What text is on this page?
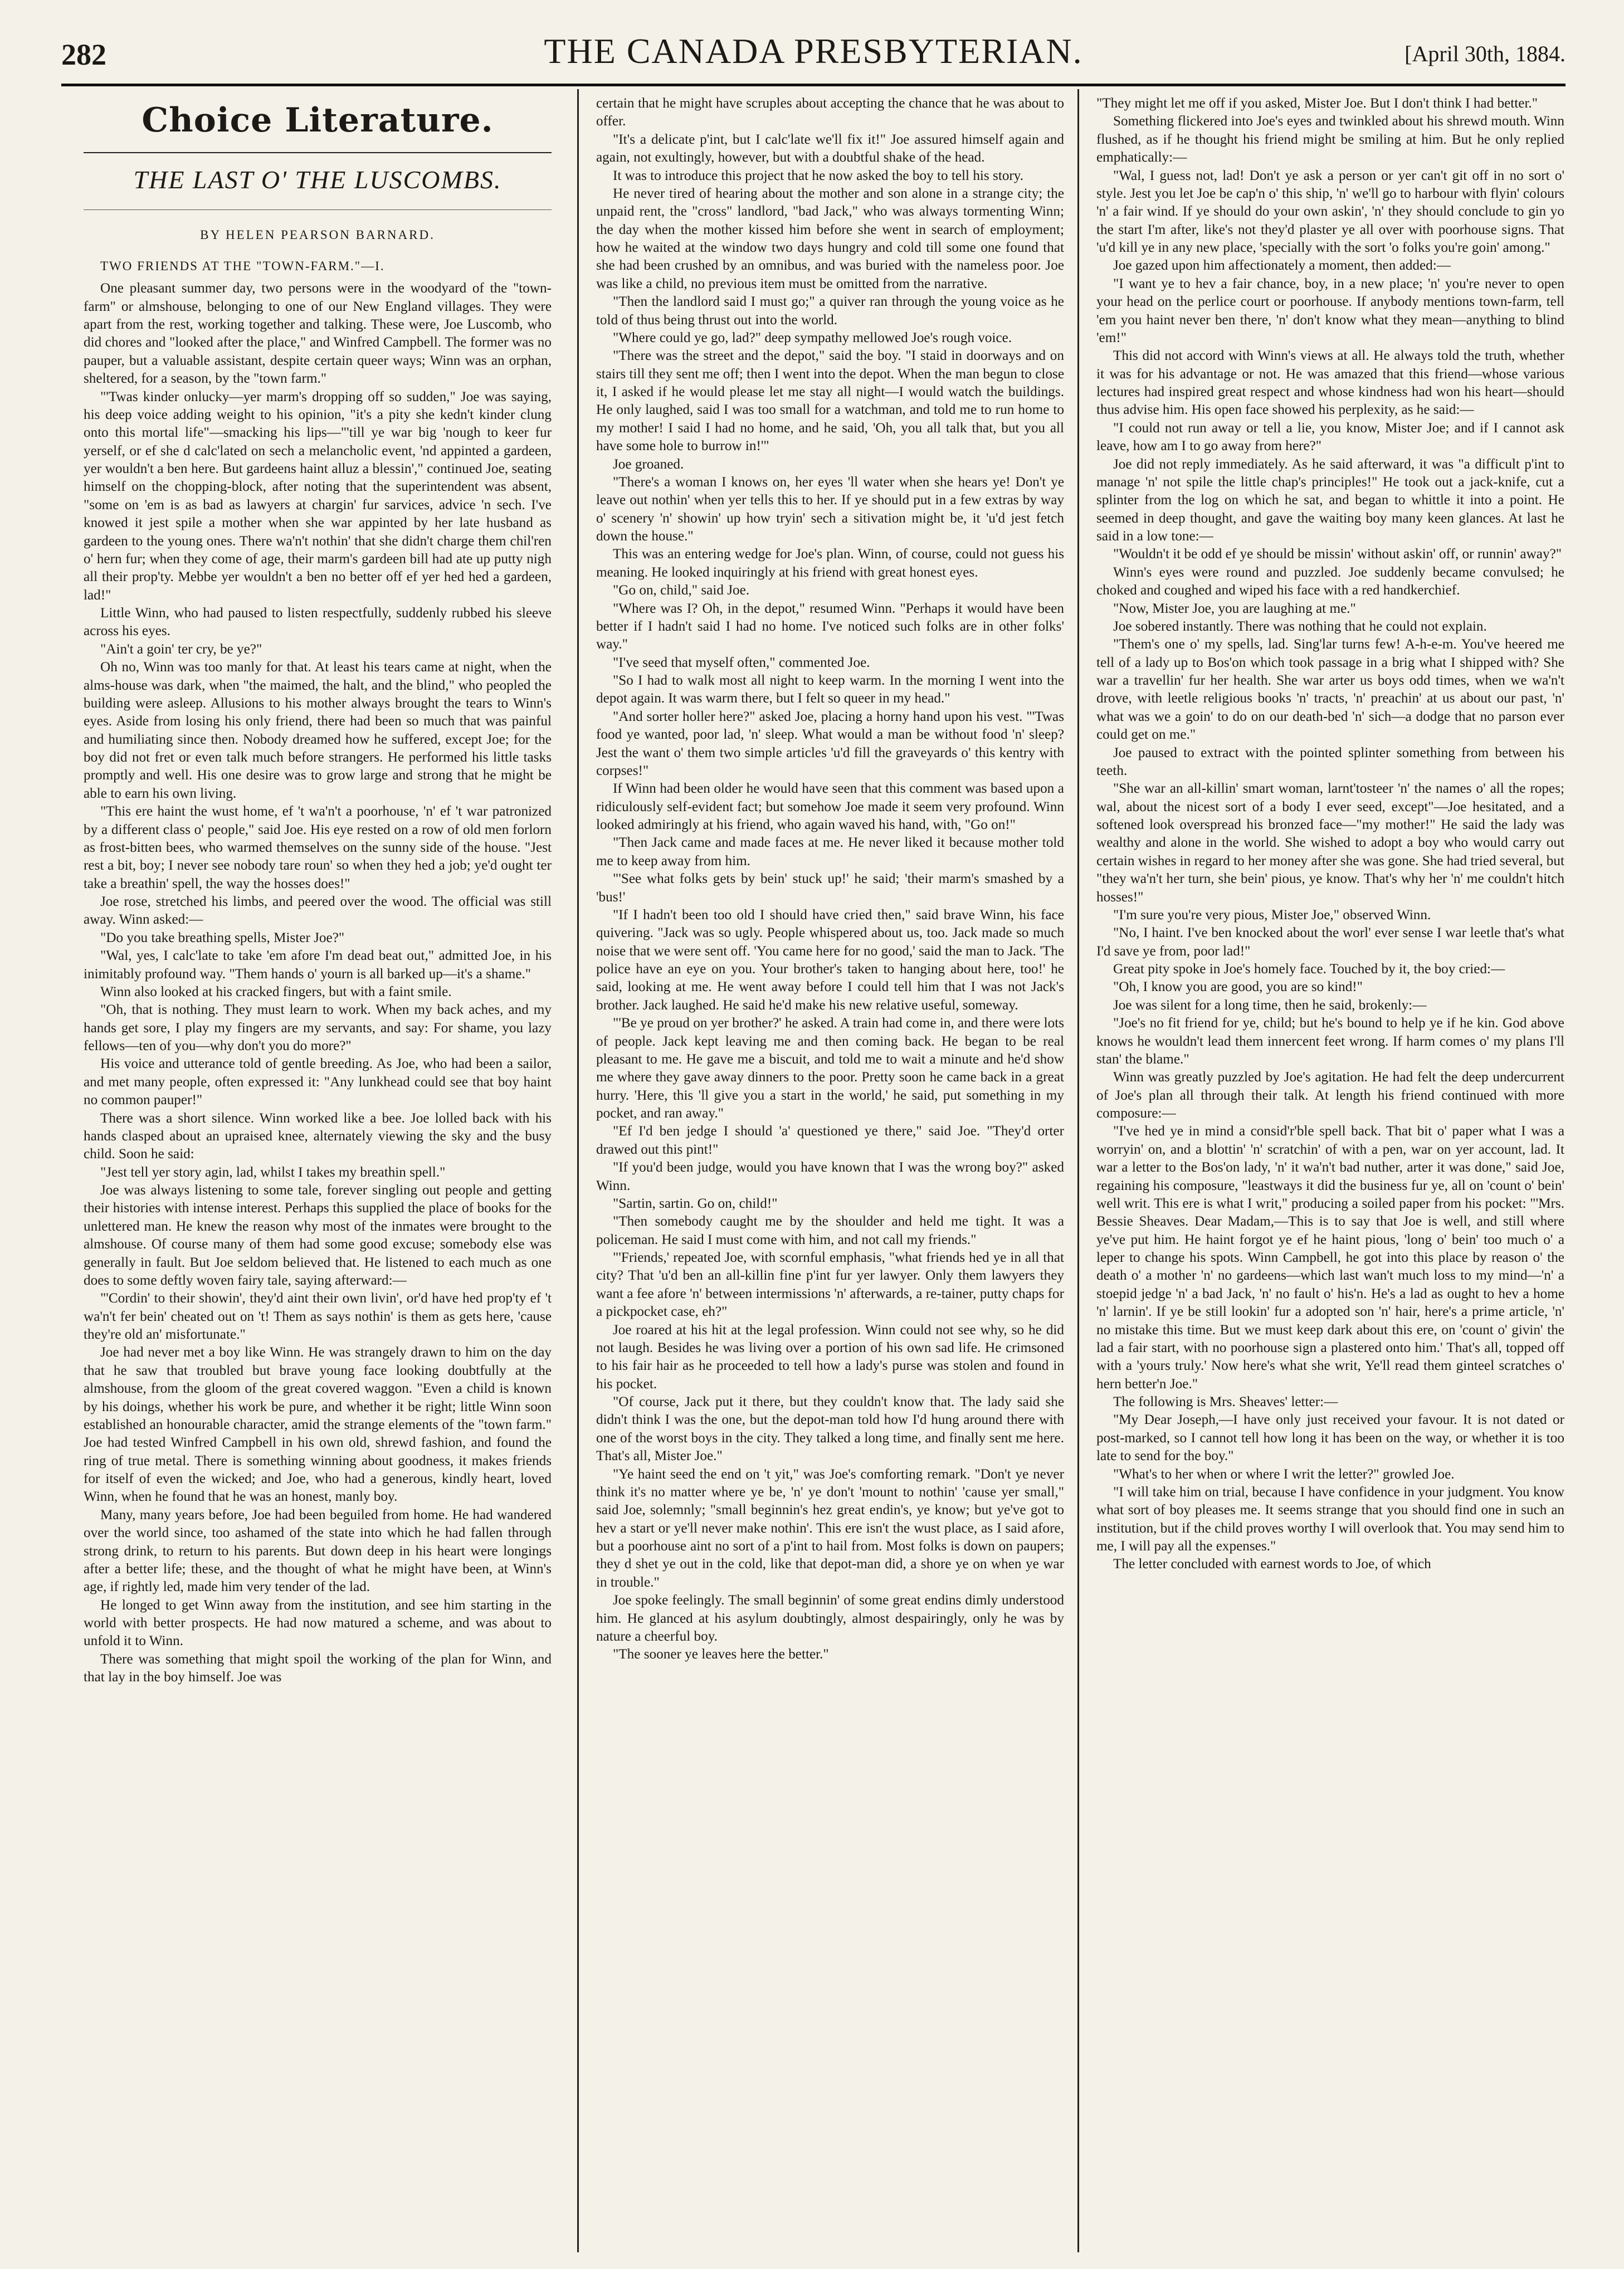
282	THE CANADA PRESBYTERIAN.	[April 30th, 1884.
Choice Literature.
THE LAST O' THE LUSCOMBS.
BY HELEN PEARSON BARNARD.
TWO FRIENDS AT THE "TOWN-FARM."—I.

One pleasant summer day, two persons were in the woodyard of the "town-farm" or almshouse, belonging to one of our New England villages. They were apart from the rest, working together and talking. These were, Joe Luscomb, who did chores and "looked after the place," and Winfred Campbell. The former was no pauper, but a valuable assistant, despite certain queer ways; Winn was an orphan, sheltered, for a season, by the "town farm."

"'Twas kinder onlucky—yer marm's dropping off so sudden," Joe was saying, his deep voice adding weight to his opinion, "it's a pity she kedn't kinder clung onto this mortal life"—smacking his lips—"'till ye war big 'nough to keer fur yerself, or ef she d calc'lated on sech a melancholic event, 'nd appinted a gardeen, yer wouldn't a ben here. But gardeens haint alluz a blessin'," continued Joe, seating himself on the chopping-block, after noting that the superintendent was absent, "some on 'em is as bad as lawyers at chargin' fur sarvices, advice 'n sech. I've knowed it jest spile a mother when she war appinted by her late husband as gardeen to the young ones. There wa'n't nothin' that she didn't charge them chil'ren o' hern fur; when they come of age, their marm's gardeen bill had ate up putty nigh all their prop'ty. Mebbe yer wouldn't a ben no better off ef yer hed hed a gardeen, lad!"

Little Winn, who had paused to listen respectfully, suddenly rubbed his sleeve across his eyes.

"Ain't a goin' ter cry, be ye?"

Oh no, Winn was too manly for that. At least his tears came at night, when the alms-house was dark, when "the maimed, the halt, and the blind," who peopled the building were asleep. Allusions to his mother always brought the tears to Winn's eyes. Aside from losing his only friend, there had been so much that was painful and humiliating since then. Nobody dreamed how he suffered, except Joe; for the boy did not fret or even talk much before strangers. He performed his little tasks promptly and well. His one desire was to grow large and strong that he might be able to earn his own living.

"This ere haint the wust home, ef 't wa'n't a poorhouse, 'n' ef 't war patronized by a different class o' people," said Joe. His eye rested on a row of old men forlorn as frost-bitten bees, who warmed themselves on the sunny side of the house. "Jest rest a bit, boy; I never see nobody tare roun' so when they hed a job; ye'd ought ter take a breathin' spell, the way the hosses does!"

Joe rose, stretched his limbs, and peered over the wood. The official was still away. Winn asked:—

"Do you take breathing spells, Mister Joe?"

"Wal, yes, I calc'late to take 'em afore I'm dead beat out," admitted Joe, in his inimitably profound way. "Them hands o' yourn is all barked up—it's a shame."

Winn also looked at his cracked fingers, but with a faint smile.

"Oh, that is nothing. They must learn to work. When my back aches, and my hands get sore, I play my fingers are my servants, and say: For shame, you lazy fellows—ten of you—why don't you do more?"

His voice and utterance told of gentle breeding. As Joe, who had been a sailor, and met many people, often expressed it: "Any lunkhead could see that boy haint no common pauper!"

There was a short silence. Winn worked like a bee. Joe lolled back with his hands clasped about an upraised knee, alternately viewing the sky and the busy child. Soon he said:

"Jest tell yer story agin, lad, whilst I takes my breathin spell."

Joe was always listening to some tale, forever singling out people and getting their histories with intense interest. Perhaps this supplied the place of books for the unlettered man. He knew the reason why most of the inmates were brought to the almshouse. Of course many of them had some good excuse; somebody else was generally in fault. But Joe seldom believed that. He listened to each much as one does to some deftly woven fairy tale, saying afterward:—

"'Cordin' to their showin', they'd aint their own livin', or'd have hed prop'ty ef 't wa'n't fer bein' cheated out on 't! Them as says nothin' is them as gets here, 'cause they're old an' misfortunate."

Joe had never met a boy like Winn. He was strangely drawn to him on the day that he saw that troubled but brave young face looking doubtfully at the almshouse, from the gloom of the great covered waggon. "Even a child is known by his doings, whether his work be pure, and whether it be right; little Winn soon established an honourable character, amid the strange elements of the "town farm." Joe had tested Winfred Campbell in his own old, shrewd fashion, and found the ring of true metal. There is something winning about goodness, it makes friends for itself of even the wicked; and Joe, who had a generous, kindly heart, loved Winn, when he found that he was an honest, manly boy.

Many, many years before, Joe had been beguiled from home. He had wandered over the world since, too ashamed of the state into which he had fallen through strong drink, to return to his parents. But down deep in his heart were longings after a better life; these, and the thought of what he might have been, at Winn's age, if rightly led, made him very tender of the lad.

He longed to get Winn away from the institution, and see him starting in the world with better prospects. He had now matured a scheme, and was about to unfold it to Winn.

There was something that might spoil the working of the plan for Winn, and that lay in the boy himself. Joe was

certain that he might have scruples about accepting the chance that he was about to offer.

"It's a delicate p'int, but I calc'late we'll fix it!" Joe assured himself again and again, not exultingly, however, but with a doubtful shake of the head.

It was to introduce this project that he now asked the boy to tell his story.

He never tired of hearing about the mother and son alone in a strange city; the unpaid rent, the "cross" landlord, "bad Jack," who was always tormenting Winn; the day when the mother kissed him before she went in search of employment; how he waited at the window two days hungry and cold till some one found that she had been crushed by an omnibus, and was buried with the nameless poor. Joe was like a child, no previous item must be omitted from the narrative.

"Then the landlord said I must go;" a quiver ran through the young voice as he told of thus being thrust out into the world.

"Where could ye go, lad?" deep sympathy mellowed Joe's rough voice.

"There was the street and the depot," said the boy. "I staid in doorways and on stairs till they sent me off; then I went into the depot. When the man begun to close it, I asked if he would please let me stay all night—I would watch the buildings. He only laughed, said I was too small for a watchman, and told me to run home to my mother! I said I had no home, and he said, 'Oh, you all talk that, but you all have some hole to burrow in!'"

Joe groaned.

"There's a woman I knows on, her eyes 'll water when she hears ye! Don't ye leave out nothin' when yer tells this to her. If ye should put in a few extras by way o' scenery 'n' showin' up how tryin' sech a sitivation might be, it 'u'd jest fetch down the house."

This was an entering wedge for Joe's plan. Winn, of course, could not guess his meaning. He looked inquiringly at his friend with great honest eyes.

"Go on, child," said Joe.

"Where was I? Oh, in the depot," resumed Winn. "Perhaps it would have been better if I hadn't said I had no home. I've noticed such folks are in other folks' way."

"I've seed that myself often," commented Joe.

"So I had to walk most all night to keep warm. In the morning I went into the depot again. It was warm there, but I felt so queer in my head."

"And sorter holler here?" asked Joe, placing a horny hand upon his vest. "'Twas food ye wanted, poor lad, 'n' sleep. What would a man be without food 'n' sleep? Jest the want o' them two simple articles 'u'd fill the graveyards o' this kentry with corpses!"

If Winn had been older he would have seen that this comment was based upon a ridiculously self-evident fact; but somehow Joe made it seem very profound. Winn looked admiringly at his friend, who again waved his hand, with, "Go on!"

"Then Jack came and made faces at me. He never liked it because mother told me to keep away from him.

"'See what folks gets by bein' stuck up!' he said; 'their marm's smashed by a 'bus!'

"If I hadn't been too old I should have cried then," said brave Winn, his face quivering. "Jack was so ugly. People whispered about us, too. Jack made so much noise that we were sent off. 'You came here for no good,' said the man to Jack. 'The police have an eye on you. Your brother's taken to hanging about here, too!' he said, looking at me. He went away before I could tell him that I was not Jack's brother. Jack laughed. He said he'd make his new relative useful, someway.

"'Be ye proud on yer brother?' he asked. A train had come in, and there were lots of people. Jack kept leaving me and then coming back. He began to be real pleasant to me. He gave me a biscuit, and told me to wait a minute and he'd show me where they gave away dinners to the poor. Pretty soon he came back in a great hurry. 'Here, this 'll give you a start in the world,' he said, put something in my pocket, and ran away."

"Ef I'd ben jedge I should 'a' questioned ye there," said Joe. "They'd orter drawed out this pint!"

"If you'd been judge, would you have known that I was the wrong boy?" asked Winn.

"Sartin, sartin. Go on, child!"

"Then somebody caught me by the shoulder and held me tight. It was a policeman. He said I must come with him, and not call my friends."

"'Friends,' repeated Joe, with scornful emphasis, "what friends hed ye in all that city? That 'u'd ben an all-killin fine p'int fur yer lawyer. Only them lawyers they want a fee afore 'n' between intermissions 'n' afterwards, a re-tainer, putty chaps for a pickpocket case, eh?"

Joe roared at his hit at the legal profession. Winn could not see why, so he did not laugh. Besides he was living over a portion of his own sad life. He crimsoned to his fair hair as he proceeded to tell how a lady's purse was stolen and found in his pocket.

"Of course, Jack put it there, but they couldn't know that. The lady said she didn't think I was the one, but the depot-man told how I'd hung around there with one of the worst boys in the city. They talked a long time, and finally sent me here. That's all, Mister Joe."

"Ye haint seed the end on 't yit," was Joe's comforting remark. "Don't ye never think it's no matter where ye be, 'n' ye don't 'mount to nothin' 'cause yer small," said Joe, solemnly; "small beginnin's hez great endin's, ye know; but ye've got to hev a start or ye'll never make nothin'. This ere isn't the wust place, as I said afore, but a poorhouse aint no sort of a p'int to hail from. Most folks is down on paupers; they d shet ye out in the cold, like that depot-man did, a shore ye on when ye war in trouble."

Joe spoke feelingly. The small beginnin' of some great endins dimly understood him. He glanced at his asylum doubtingly, almost despairingly, only he was by nature a cheerful boy.

"The sooner ye leaves here the better."

"They might let me off if you asked, Mister Joe. But I don't think I had better."

Something flickered into Joe's eyes and twinkled about his shrewd mouth. Winn flushed, as if he thought his friend might be smiling at him. But he only replied emphatically:—

"Wal, I guess not, lad! Don't ye ask a person or yer can't git off in no sort o' style. Jest you let Joe be cap'n o' this ship, 'n' we'll go to harbour with flyin' colours 'n' a fair wind. If ye should do your own askin', 'n' they should conclude to gin yo the start I'm after, like's not they'd plaster ye all over with poorhouse signs. That 'u'd kill ye in any new place, 'specially with the sort 'o folks you're goin' among."

Joe gazed upon him affectionately a moment, then added:—

"I want ye to hev a fair chance, boy, in a new place; 'n' you're never to open your head on the perlice court or poorhouse. If anybody mentions town-farm, tell 'em you haint never ben there, 'n' don't know what they mean—anything to blind 'em!"

This did not accord with Winn's views at all. He always told the truth, whether it was for his advantage or not. He was amazed that this friend—whose various lectures had inspired great respect and whose kindness had won his heart—should thus advise him. His open face showed his perplexity, as he said:—

"I could not run away or tell a lie, you know, Mister Joe; and if I cannot ask leave, how am I to go away from here?"

Joe did not reply immediately. As he said afterward, it was "a difficult p'int to manage 'n' not spile the little chap's principles!" He took out a jack-knife, cut a splinter from the log on which he sat, and began to whittle it into a point. He seemed in deep thought, and gave the waiting boy many keen glances. At last he said in a low tone:—

"Wouldn't it be odd ef ye should be missin' without askin' off, or runnin' away?"

Winn's eyes were round and puzzled. Joe suddenly became convulsed; he choked and coughed and wiped his face with a red handkerchief.

"Now, Mister Joe, you are laughing at me."

Joe sobered instantly. There was nothing that he could not explain.

"Them's one o' my spells, lad. Sing'lar turns few! A-h-e-m. You've heered me tell of a lady up to Bos'on which took passage in a brig what I shipped with? She war a travellin' fur her health. She war arter us boys odd times, when we wa'n't drove, with leetle religious books 'n' tracts, 'n' preachin' at us about our past, 'n' what was we a goin' to do on our death-bed 'n' sich—a dodge that no parson ever could get on me."

Joe paused to extract with the pointed splinter something from between his teeth.

"She war an all-killin' smart woman, larnt'tosteer 'n' the names o' all the ropes; wal, about the nicest sort of a body I ever seed, except"—Joe hesitated, and a softened look overspread his bronzed face—"my mother!" He said the lady was wealthy and alone in the world. She wished to adopt a boy who would carry out certain wishes in regard to her money after she was gone. She had tried several, but "they wa'n't her turn, she bein' pious, ye know. That's why her 'n' me couldn't hitch hosses!"

"I'm sure you're very pious, Mister Joe," observed Winn.

"No, I haint. I've ben knocked about the worl' ever sense I war leetle that's what I'd save ye from, poor lad!"

Great pity spoke in Joe's homely face. Touched by it, the boy cried:—

"Oh, I know you are good, you are so kind!"

Joe was silent for a long time, then he said, brokenly:—

"Joe's no fit friend for ye, child; but he's bound to help ye if he kin. God above knows he wouldn't lead them innercent feet wrong. If harm comes o' my plans I'll stan' the blame."

Winn was greatly puzzled by Joe's agitation. He had felt the deep undercurrent of Joe's plan all through their talk. At length his friend continued with more composure:—

"I've hed ye in mind a consid'r'ble spell back. That bit o' paper what I was a worryin' on, and a blottin' 'n' scratchin' of with a pen, war on yer account, lad. It war a letter to the Bos'on lady, 'n' it wa'n't bad nuther, arter it was done," said Joe, regaining his composure, "leastways it did the business fur ye, all on 'count o' bein' well writ. This ere is what I writ," producing a soiled paper from his pocket: "'Mrs. Bessie Sheaves. Dear Madam,—This is to say that Joe is well, and still where ye've put him. He haint forgot ye ef he haint pious, 'long o' bein' too much o' a leper to change his spots. Winn Campbell, he got into this place by reason o' the death o' a mother 'n' no gardeens—which last wan't much loss to my mind—'n' a stoepid jedge 'n' a bad Jack, 'n' no fault o' his'n. He's a lad as ought to hev a home 'n' larnin'. If ye be still lookin' fur a adopted son 'n' hair, here's a prime article, 'n' no mistake this time. But we must keep dark about this ere, on 'count o' givin' the lad a fair start, with no poorhouse sign a plastered onto him.' That's all, topped off with a 'yours truly.' Now here's what she writ, Ye'll read them ginteel scratches o' hern better'n Joe."

The following is Mrs. Sheaves' letter:—

"My Dear Joseph,—I have only just received your favour. It is not dated or post-marked, so I cannot tell how long it has been on the way, or whether it is too late to send for the boy."

"What's to her when or where I writ the letter?" growled Joe.

"I will take him on trial, because I have confidence in your judgment. You know what sort of boy pleases me. It seems strange that you should find one in such an institution, but if the child proves worthy I will overlook that. You may send him to me, I will pay all the expenses."

The letter concluded with earnest words to Joe, of which
